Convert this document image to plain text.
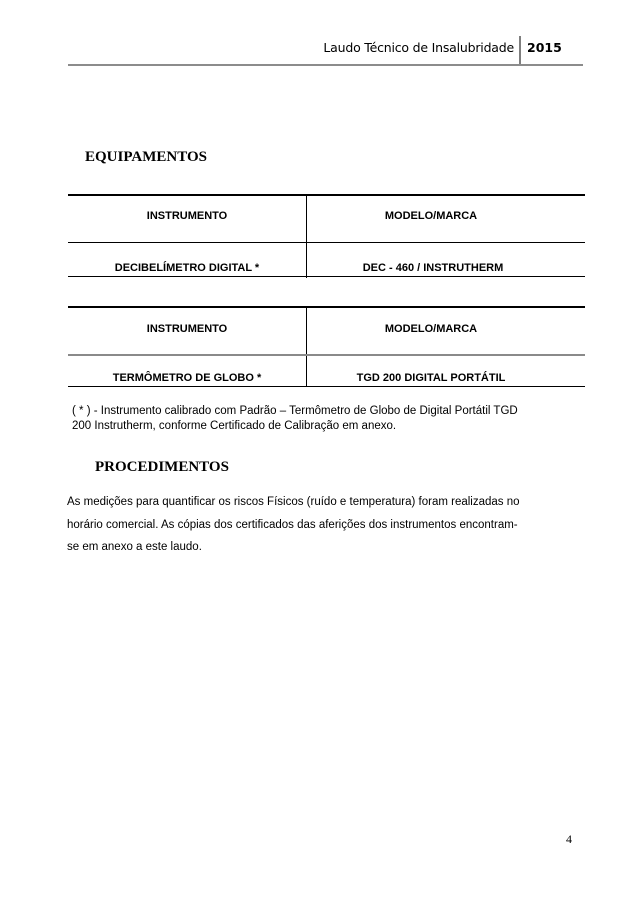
Laudo Técnico de Insalubridade 2015
EQUIPAMENTOS
INSTRUMENTO	MODELO/MARCA
DECIBELÍMETRO DIGITAL *	DEC - 460 / INSTRUTHERM
INSTRUMENTO	MODELO/MARCA
TERMÔMETRO DE GLOBO *	TGD 200 DIGITAL PORTÁTIL
( * ) - Instrumento calibrado com Padrão – Termômetro de Globo de Digital Portátil TGD
200 Instrutherm, conforme Certificado de Calibração em anexo.
PROCEDIMENTOS
As medições para quantificar os riscos Físicos (ruído e temperatura) foram realizadas no
horário comercial. As cópias dos certificados das aferições dos instrumentos encontram-
se em anexo a este laudo.
4
